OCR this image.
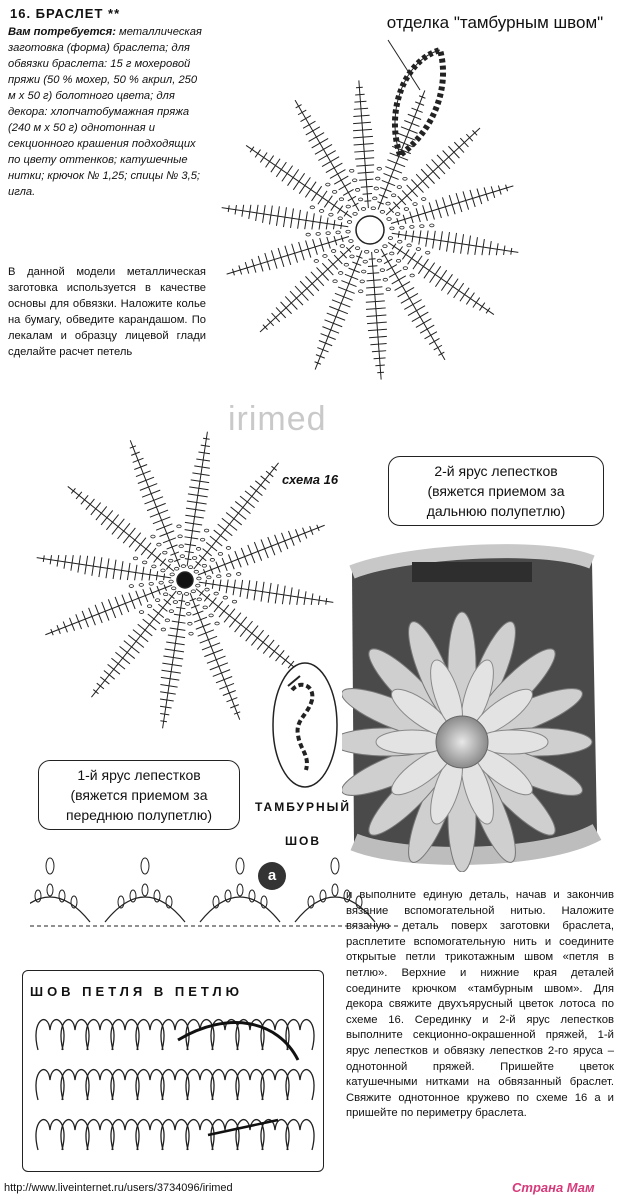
16. БРАСЛЕТ **
Вам потребуется: металлическая заготовка (форма) браслета; для обвязки браслета: 15 г мохеровой пряжи (50 % мохер, 50 % акрил, 250 м х 50 г) болотного цвета; для декора: хлопчатобумажная пряжа (240 м х 50 г) однотонная и секционного крашения подходящих по цвету оттенков; катушечные нитки; крючок № 1,25; спицы № 3,5; игла.
В данной модели металлическая заготовка используется в качестве основы для обвязки. Наложите колье на бумагу, обведите карандашом. По лекалам и образцу лицевой глади сделайте расчет петель
отделка "тамбурным швом"
irimed
2-й ярус лепестков
(вяжется приемом за
дальнюю полупетлю)
схема 16
1-й ярус лепестков
(вяжется приемом за
переднюю полупетлю)	ТАМБУРНЫЙ
ШОВ
а
и выполните единую деталь, начав и закончив вязание вспомогательной нитью. Наложите вязаную деталь поверх заготовки браслета, расплетите вспомогательную нить и соедините открытые петли трикотажным швом «петля в петлю». Верхние и нижние края деталей соедините крючком «тамбурным швом». Для декора свяжите двухъярусный цветок лотоса по схеме 16. Серединку и 2-й ярус лепестков выполните секционно-окрашенной пряжей, 1-й ярус лепестков и обвязку лепестков 2-го яруса – однотонной пряжей. Пришейте цветок катушечными нитками на обвязанный браслет. Свяжите однотонное кружево по схеме 16 а и пришейте по периметру браслета.
ШОВ ПЕТЛЯ В ПЕТЛЮ
http://www.liveinternet.ru/users/3734096/irimed	Страна Мам
